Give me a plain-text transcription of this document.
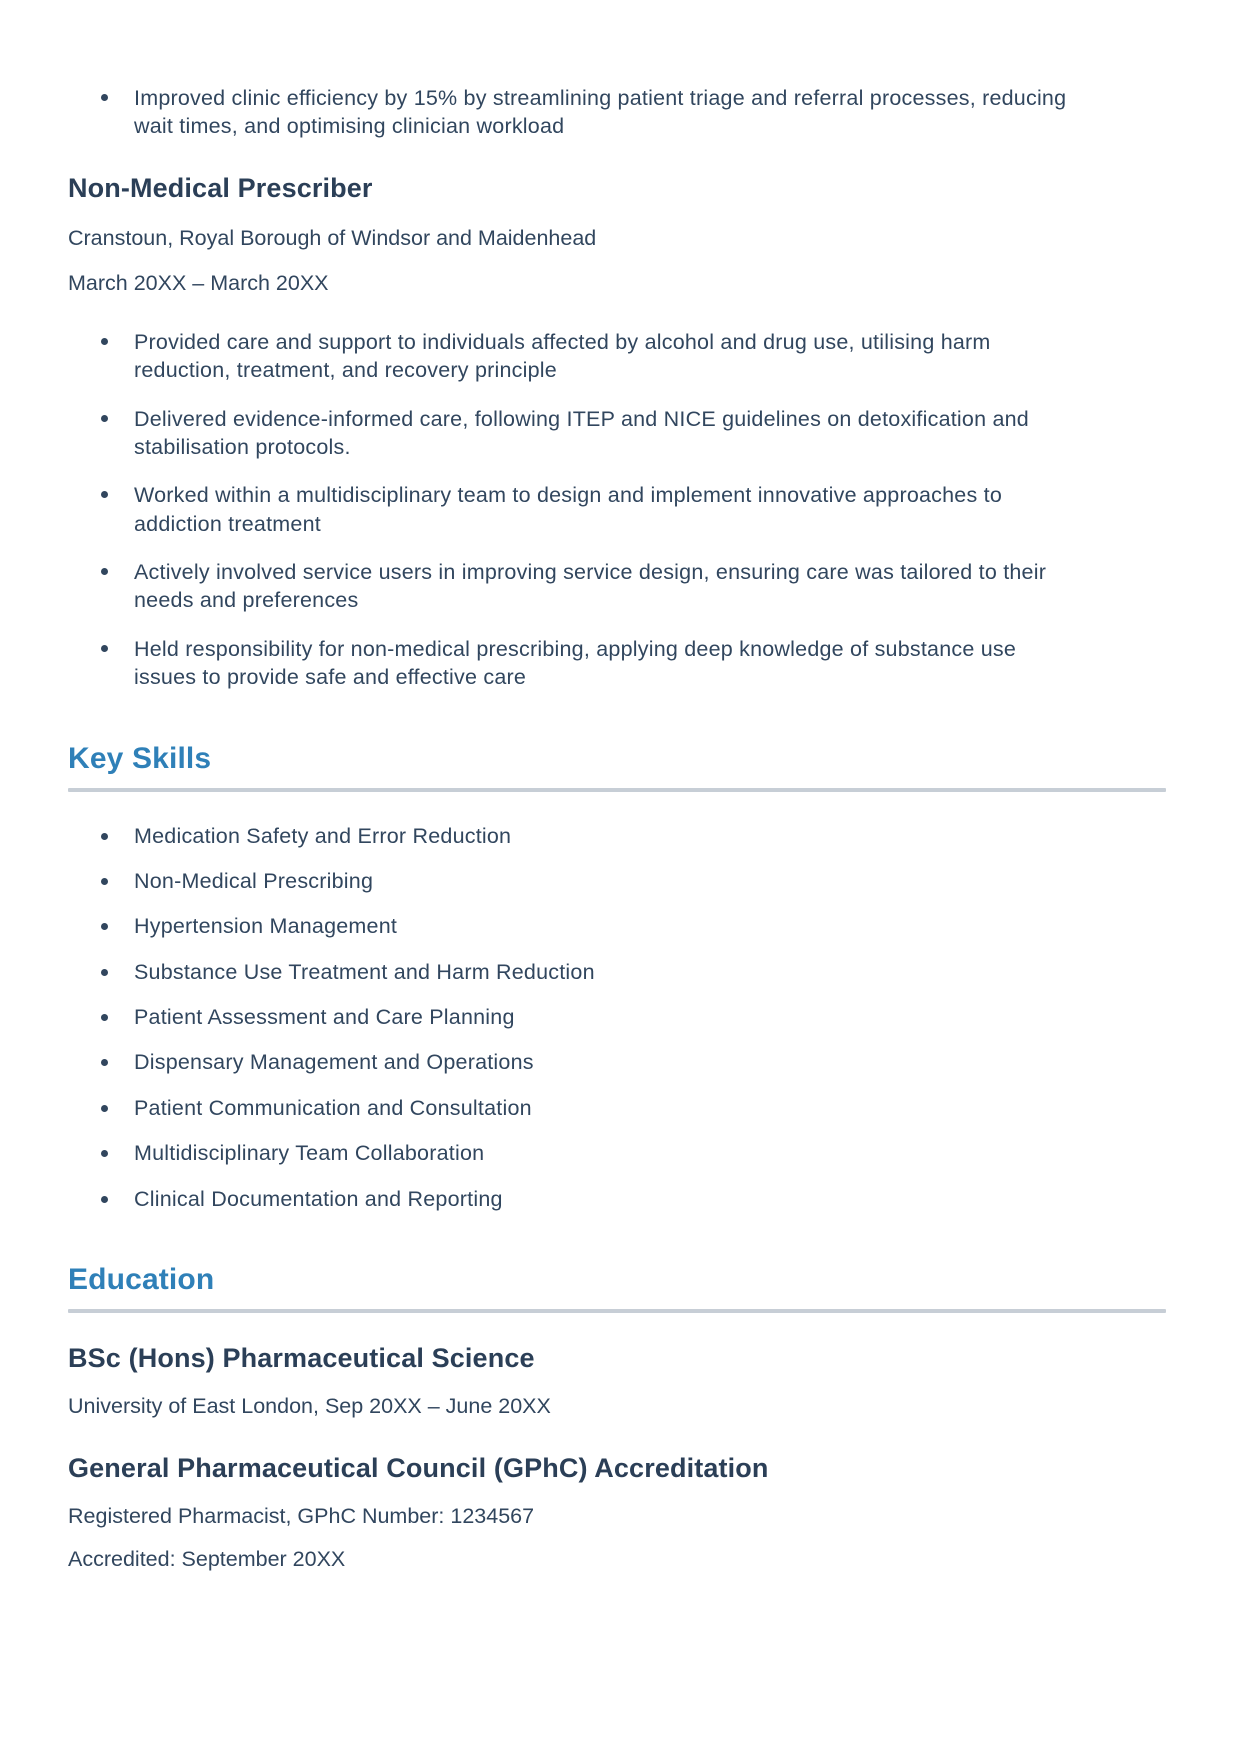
Improved clinic efficiency by 15% by streamlining patient triage and referral processes, reducing wait times, and optimising clinician workload
Non-Medical Prescriber

Cranstoun, Royal Borough of Windsor and Maidenhead

March 20XX – March 20XX

Provided care and support to individuals affected by alcohol and drug use, utilising harm reduction, treatment, and recovery principle
Delivered evidence-informed care, following ITEP and NICE guidelines on detoxification and stabilisation protocols.
Worked within a multidisciplinary team to design and implement innovative approaches to addiction treatment
Actively involved service users in improving service design, ensuring care was tailored to their needs and preferences
Held responsibility for non-medical prescribing, applying deep knowledge of substance use issues to provide safe and effective care
Key Skills
Medication Safety and Error Reduction
Non-Medical Prescribing
Hypertension Management
Substance Use Treatment and Harm Reduction
Patient Assessment and Care Planning
Dispensary Management and Operations
Patient Communication and Consultation
Multidisciplinary Team Collaboration
Clinical Documentation and Reporting
Education
BSc (Hons) Pharmaceutical Science

University of East London, Sep 20XX – June 20XX

General Pharmaceutical Council (GPhC) Accreditation

Registered Pharmacist, GPhC Number: 1234567

Accredited: September 20XX
